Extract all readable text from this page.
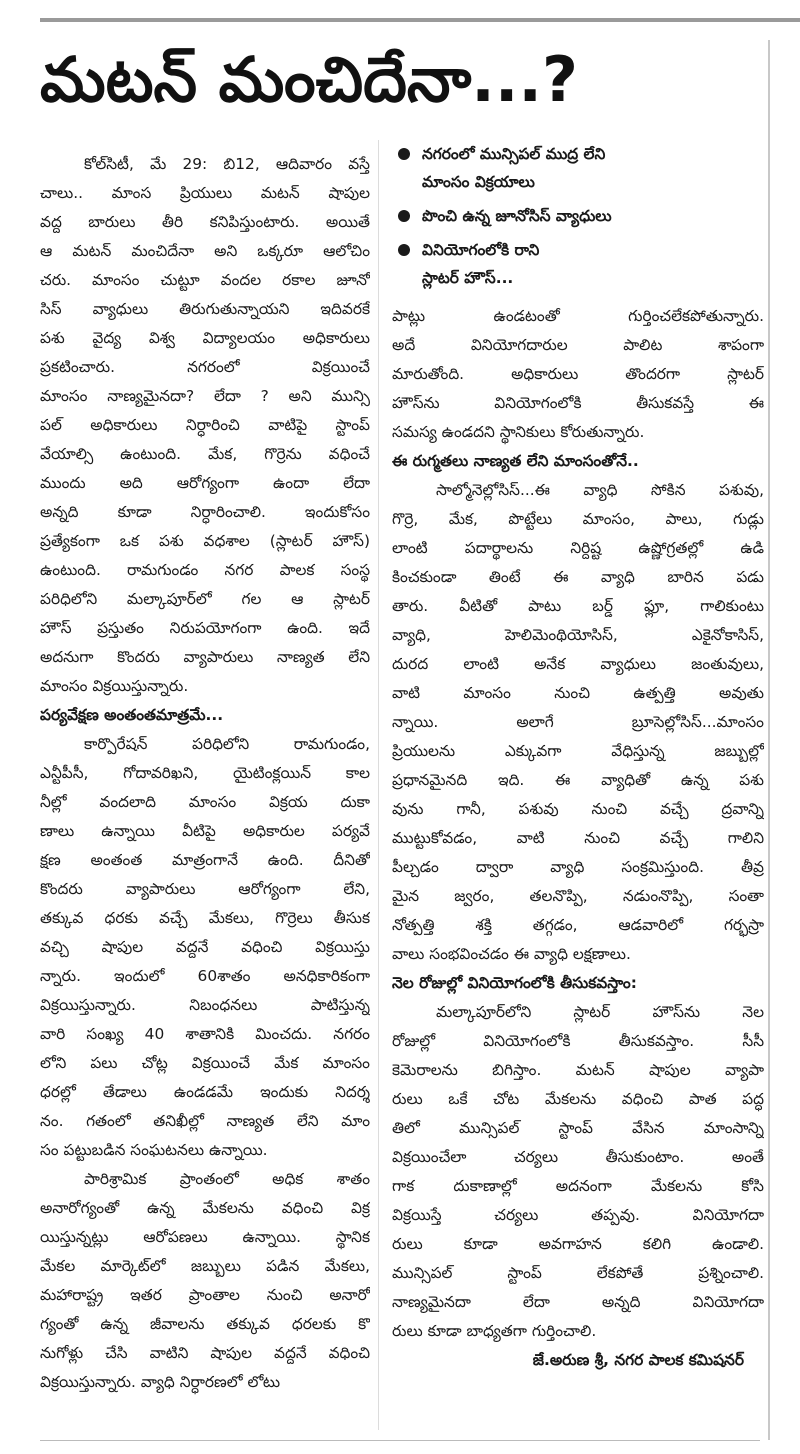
మటన్ మంచిదేనా...?
కోల్‌సిటీ, మే 29: బి12, ఆదివారం వస్తే
చాలు.. మాంస ప్రియులు మటన్ షాపుల
వద్ద బారులు తీరి కనిపిస్తుంటారు. అయితే
ఆ మటన్ మంచిదేనా అని ఒక్కరూ ఆలోచిం
చరు. మాంసం చుట్టూ వందల రకాల జూనో
సిస్ వ్యాధులు తిరుగుతున్నాయని ఇదివరకే
పశు వైద్య విశ్వ విద్యాలయం అధికారులు
ప్రకటించారు. నగరంలో విక్రయించే
మాంసం నాణ్యమైనదా? లేదా ? అని మున్సి
పల్ అధికారులు నిర్ధారించి వాటిపై స్టాంప్
వేయాల్సి ఉంటుంది. మేక, గొర్రెను వధించే
ముందు అది ఆరోగ్యంగా ఉందా లేదా
అన్నది కూడా నిర్ధారించాలి. ఇందుకోసం
ప్రత్యేకంగా ఒక పశు వధశాల (స్లాటర్ హౌస్)
ఉంటుంది. రామగుండం నగర పాలక సంస్థ
పరిధిలోని మల్కాపూర్‌లో గల ఆ స్లాటర్
హౌస్ ప్రస్తుతం నిరుపయోగంగా ఉంది. ఇదే
అదనుగా కొందరు వ్యాపారులు నాణ్యత లేని
మాంసం విక్రయిస్తున్నారు.
పర్యవేక్షణ అంతంతమాత్రమే...
కార్పొరేషన్ పరిధిలోని రామగుండం,
ఎన్టీపీసీ, గోదావరిఖని, యైటింక్లయిన్ కాల
నీల్లో వందలాది మాంసం విక్రయ దుకా
ణాలు ఉన్నాయి వీటిపై అధికారుల పర్యవే
క్షణ అంతంత మాత్రంగానే ఉంది. దీనితో
కొందరు వ్యాపారులు ఆరోగ్యంగా లేని,
తక్కువ ధరకు వచ్చే మేకలు, గొర్రెలు తీసుక
వచ్చి షాపుల వద్దనే వధించి విక్రయిస్తు
న్నారు. ఇందులో 60శాతం అనధికారికంగా
విక్రయిస్తున్నారు. నిబంధనలు పాటిస్తున్న
వారి సంఖ్య 40 శాతానికి మించదు. నగరం
లోని పలు చోట్ల విక్రయించే మేక మాంసం
ధరల్లో తేడాలు ఉండడమే ఇందుకు నిదర్శ
నం. గతంలో తనిఖీల్లో నాణ్యత లేని మాం
సం పట్టుబడిన సంఘటనలు ఉన్నాయి.
పారిశ్రామిక ప్రాంతంలో అధిక శాతం
అనారోగ్యంతో ఉన్న మేకలను వధించి విక్ర
యిస్తున్నట్లు ఆరోపణలు ఉన్నాయి. స్థానిక
మేకల మార్కెట్‌లో జబ్బులు పడిన మేకలు,
మహారాష్ట్ర ఇతర ప్రాంతాల నుంచి అనారో
గ్యంతో ఉన్న జీవాలను తక్కువ ధరలకు కొ
నుగోళ్లు చేసి వాటిని షాపుల వద్దనే వధించి
విక్రయిస్తున్నారు. వ్యాధి నిర్ధారణలో లోటు
నగరంలో మున్సిపల్ ముద్ర లేని
మాంసం విక్రయాలు
పొంచి ఉన్న జూనోసిస్ వ్యాధులు
వినియోగంలోకి రాని
స్లాటర్ హౌస్...
పాట్లు ఉండటంతో గుర్తించలేకపోతున్నారు.
అదే వినియోగదారుల పాలిట శాపంగా
మారుతోంది. అధికారులు తొందరగా స్లాటర్
హౌస్‌ను వినియోగంలోకి తీసుకవస్తే ఈ
సమస్య ఉండదని స్థానికులు కోరుతున్నారు.
ఈ రుగ్మతలు నాణ్యత లేని మాంసంతోనే..
సాల్మోనెల్లోసిస్...ఈ వ్యాధి సోకిన పశువు,
గొర్రె, మేక, పొట్టేలు మాంసం, పాలు, గుడ్లు
లాంటి పదార్థాలను నిర్దిష్ట ఉష్ణోగ్రతల్లో ఉడి
కించకుండా తింటే ఈ వ్యాధి బారిన పడు
తారు. వీటితో పాటు బర్డ్ ఫ్లూ, గాలికుంటు
వ్యాధి, హెలిమెంథియోసిస్, ఎకైనోకాసిస్,
దురద లాంటి అనేక వ్యాధులు జంతువులు,
వాటి మాంసం నుంచి ఉత్పత్తి అవుతు
న్నాయి. అలాగే బ్రూసెల్లోసిస్...మాంసం
ప్రియులను ఎక్కువగా వేధిస్తున్న జబ్బుల్లో
ప్రధానమైనది ఇది. ఈ వ్యాధితో ఉన్న పశు
వును గానీ, పశువు నుంచి వచ్చే ద్రవాన్ని
ముట్టుకోవడం, వాటి నుంచి వచ్చే గాలిని
పీల్చడం ద్వారా వ్యాధి సంక్రమిస్తుంది. తీవ్ర
మైన జ్వరం, తలనొప్పి, నడుంనొప్పి, సంతా
నోత్పత్తి శక్తి తగ్గడం, ఆడవారిలో గర్భస్రా
వాలు సంభవించడం ఈ వ్యాధి లక్షణాలు.
నెల రోజుల్లో వినియోగంలోకి తీసుకవస్తాం:
మల్కాపూర్‌లోని స్లాటర్ హౌస్‌ను నెల
రోజుల్లో వినియోగంలోకి తీసుకవస్తాం. సీసీ
కెమెరాలను బిగిస్తాం. మటన్ షాపుల వ్యాపా
రులు ఒకే చోట మేకలను వధించి పాత పద్ధ
తిలో మున్సిపల్ స్టాంప్ వేసిన మాంసాన్ని
విక్రయించేలా చర్యలు తీసుకుంటాం. అంతే
గాక దుకాణాల్లో అదనంగా మేకలను కోసి
విక్రయిస్తే చర్యలు తప్పవు. వినియోగదా
రులు కూడా అవగాహన కలిగి ఉండాలి.
మున్సిపల్ స్టాంప్ లేకపోతే ప్రశ్నించాలి.
నాణ్యమైనదా లేదా అన్నది వినియోగదా
రులు కూడా బాధ్యతగా గుర్తించాలి.
జే.అరుణ శ్రీ, నగర పాలక కమిషనర్
